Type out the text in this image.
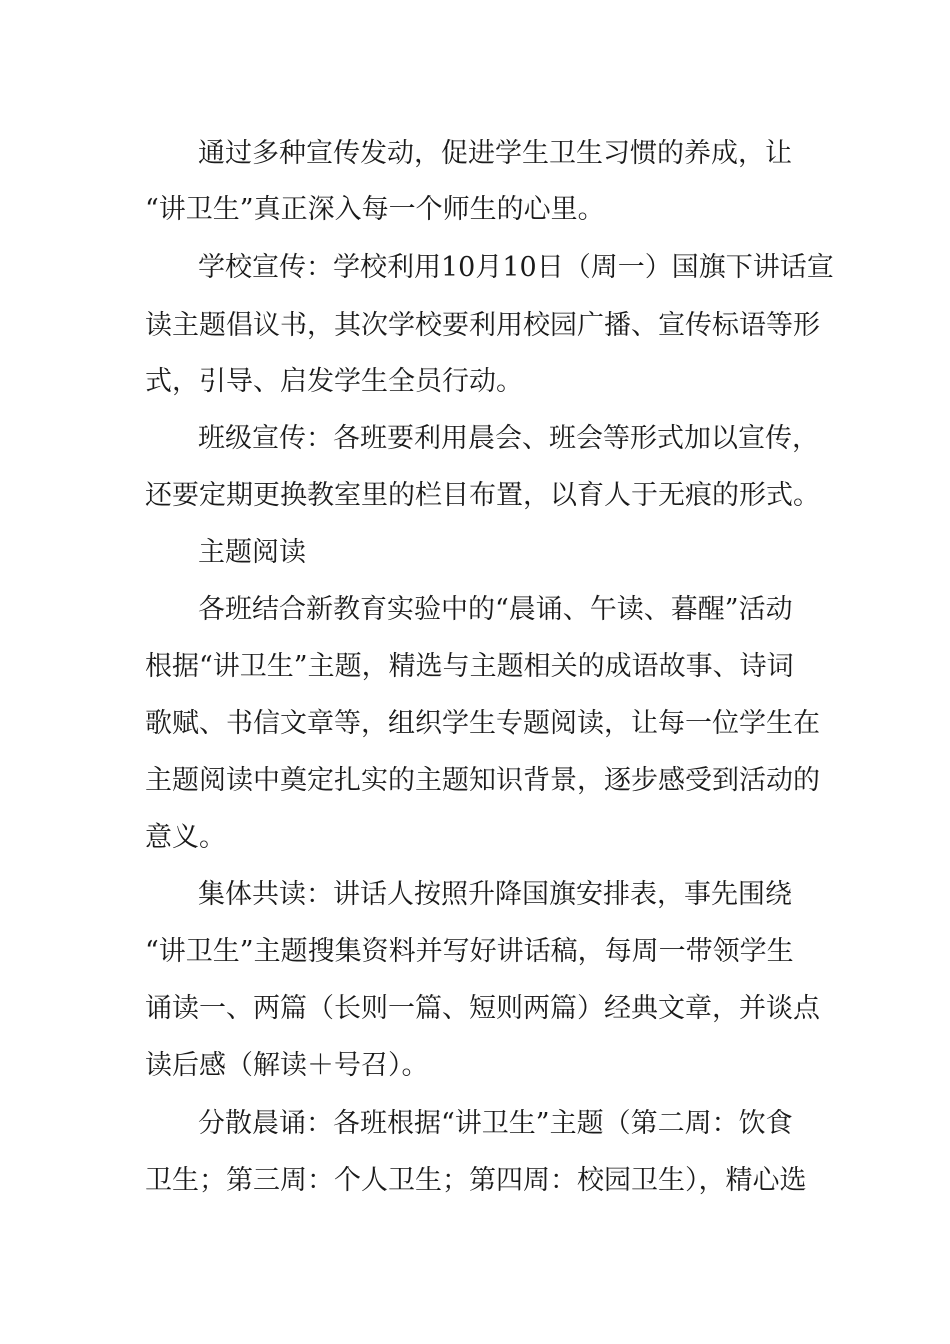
通过多种宣传发动，促进学生卫生习惯的养成，让
“讲卫生”真正深入每一个师生的心里。
学校宣传：学校利用10月10日（周一）国旗下讲话宣
读主题倡议书，其次学校要利用校园广播、宣传标语等形
式，引导、启发学生全员行动。
班级宣传：各班要利用晨会、班会等形式加以宣传，
还要定期更换教室里的栏目布置，以育人于无痕的形式。
主题阅读
各班结合新教育实验中的“晨诵、午读、暮醒”活动
根据“讲卫生”主题，精选与主题相关的成语故事、诗词
歌赋、书信文章等，组织学生专题阅读，让每一位学生在
主题阅读中奠定扎实的主题知识背景，逐步感受到活动的
意义。
集体共读：讲话人按照升降国旗安排表，事先围绕
“讲卫生”主题搜集资料并写好讲话稿，每周一带领学生
诵读一、两篇（长则一篇、短则两篇）经典文章，并谈点
读后感（解读＋号召）。
分散晨诵：各班根据“讲卫生”主题（第二周：饮食
卫生；第三周：个人卫生；第四周：校园卫生），精心选
